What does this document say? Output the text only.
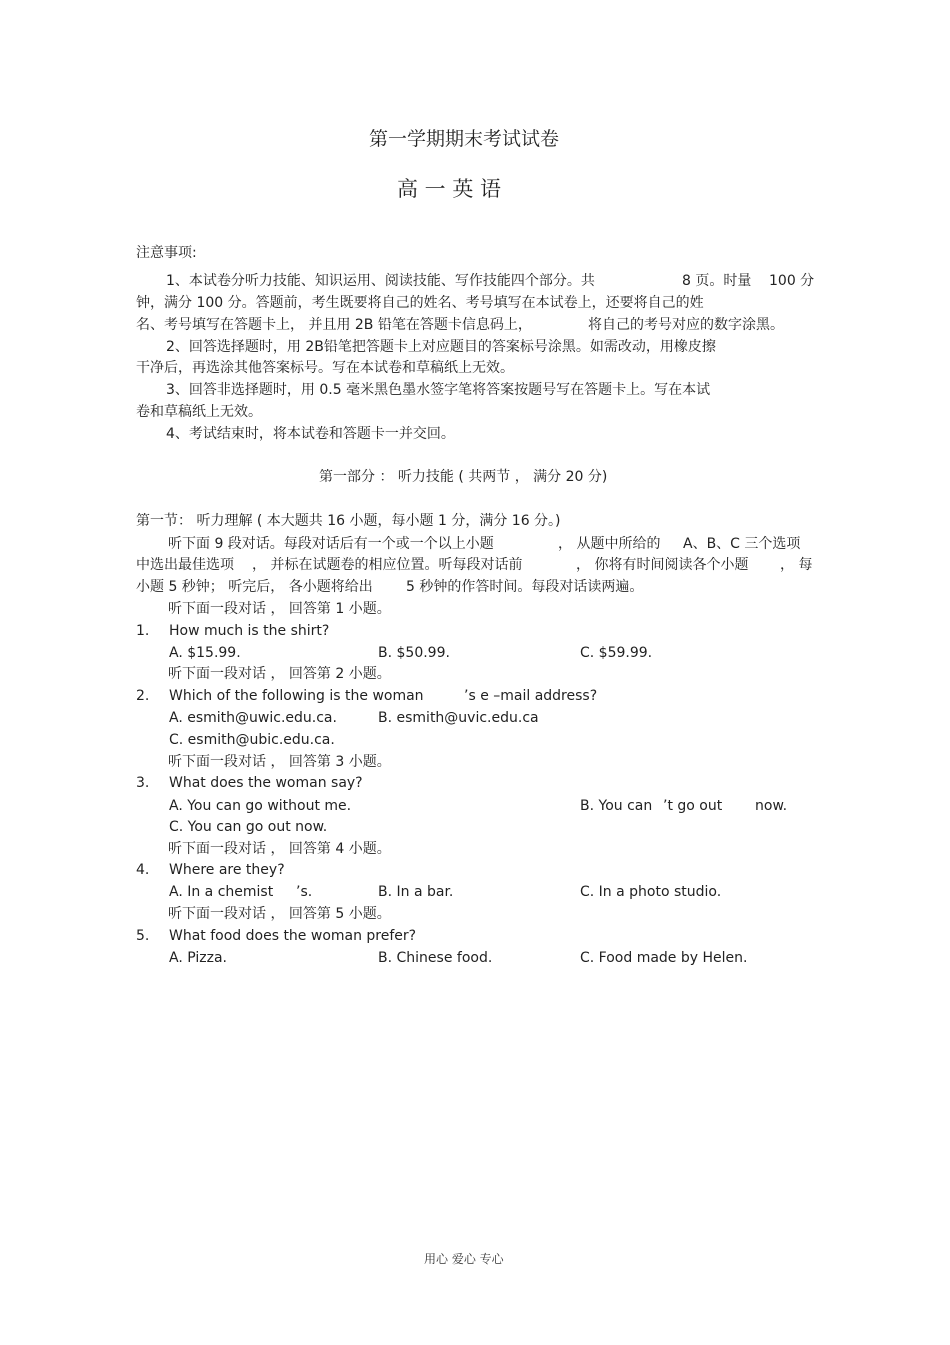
第一学期期末考试试卷
高 一 英 语
注意事项:
1、本试卷分听力技能、知识运用、阅读技能、写作技能四个部分。共	8 页。时量 100 分
钟，满分 100 分。答题前，考生既要将自己的姓名、考号填写在本试卷上，还要将自己的姓
名、考号填写在答题卡上， 并且用 2B 铅笔在答题卡信息码上，	将自己的考号对应的数字涂黑。
2、回答选择题时，用 2B铅笔把答题卡上对应题目的答案标号涂黑。如需改动，用橡皮擦
干净后，再选涂其他答案标号。写在本试卷和草稿纸上无效。
3、回答非选择题时，用 0.5 毫米黑色墨水签字笔将答案按题号写在答题卡上。写在本试
卷和草稿纸上无效。
4、考试结束时，将本试卷和答题卡一并交回。
第一部分 ： 听力技能 ( 共两节 ， 满分 20 分)
第一节： 听力理解 ( 本大题共 16 小题，每小题 1 分，满分 16 分。)
听下面 9 段对话。每段对话后有一个或一个以上小题	， 从题中所给的 A、B、C 三个选项
中选出最佳选项 ， 并标在试题卷的相应位置。听每段对话前	， 你将有时间阅读各个小题 ， 每
小题 5 秒钟； 听完后， 各小题将给出 5 秒钟的作答时间。每段对话读两遍。
听下面一段对话 ， 回答第 1 小题。
1. How much is the shirt?
A. $15.99.	B. $50.99.	C. $59.99.
听下面一段对话 ， 回答第 2 小题。
2. Which of the following is the woman	’s e –mail address?
A. esmith@uwic.edu.ca.	B. esmith@uvic.edu.ca
C. esmith@ubic.edu.ca.
听下面一段对话 ， 回答第 3 小题。
3. What does the woman say?
A. You can go without me.	B. You can ’t go out now.
C. You can go out now.
听下面一段对话 ， 回答第 4 小题。
4. Where are they?
A. In a chemist ’s.	B. In a bar.	C. In a photo studio.
听下面一段对话 ， 回答第 5 小题。
5. What food does the woman prefer?
A. Pizza.	B. Chinese food.	C. Food made by Helen.
用心 爱心 专心
